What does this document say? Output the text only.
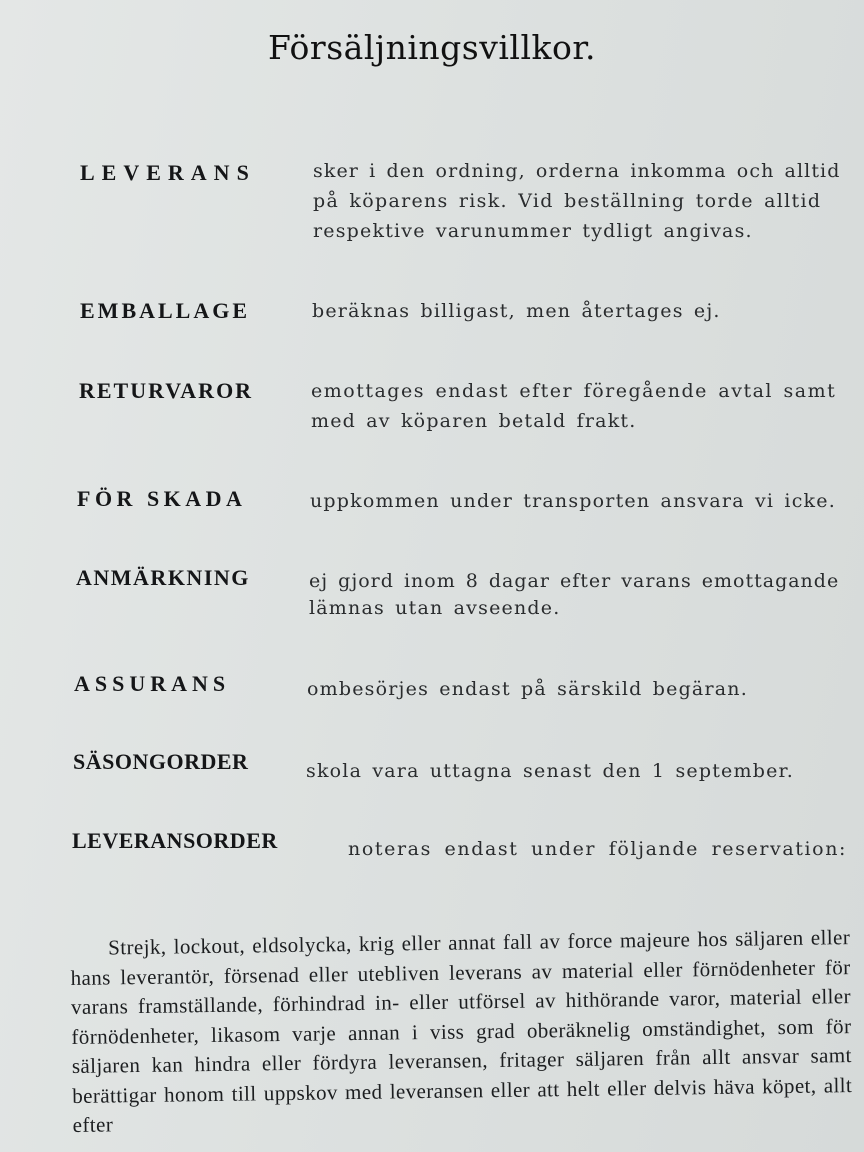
Försäljningsvillkor.
LEVERANS	sker i den ordning, orderna inkomma och alltid
på köparens risk. Vid beställning torde alltid
respektive varunummer tydligt angivas.
EMBALLAGE	beräknas billigast, men återtages ej.
RETURVAROR	emottages endast efter föregående avtal samt
med av köparen betald frakt.
FÖR SKADA	uppkommen under transporten ansvara vi icke.
ANMÄRKNING	ej gjord inom 8 dagar efter varans emottagande
lämnas utan avseende.
ASSURANS	ombesörjes endast på särskild begäran.
SÄSONGORDER	skola vara uttagna senast den 1 september.
LEVERANSORDER	noteras endast under följande reservation:
Strejk, lockout, eldsolycka, krig eller annat fall av force majeure hos säljaren eller hans leverantör, försenad eller utebliven leverans av material eller förnödenheter för varans framställande, förhindrad in- eller utförsel av hithörande varor, material eller förnödenheter, likasom varje annan i viss grad oberäknelig omständighet, som för säljaren kan hindra eller fördyra leveransen, fritager säljaren från allt ansvar samt berättigar honom till uppskov med leveransen eller att helt eller delvis häva köpet, allt efter
